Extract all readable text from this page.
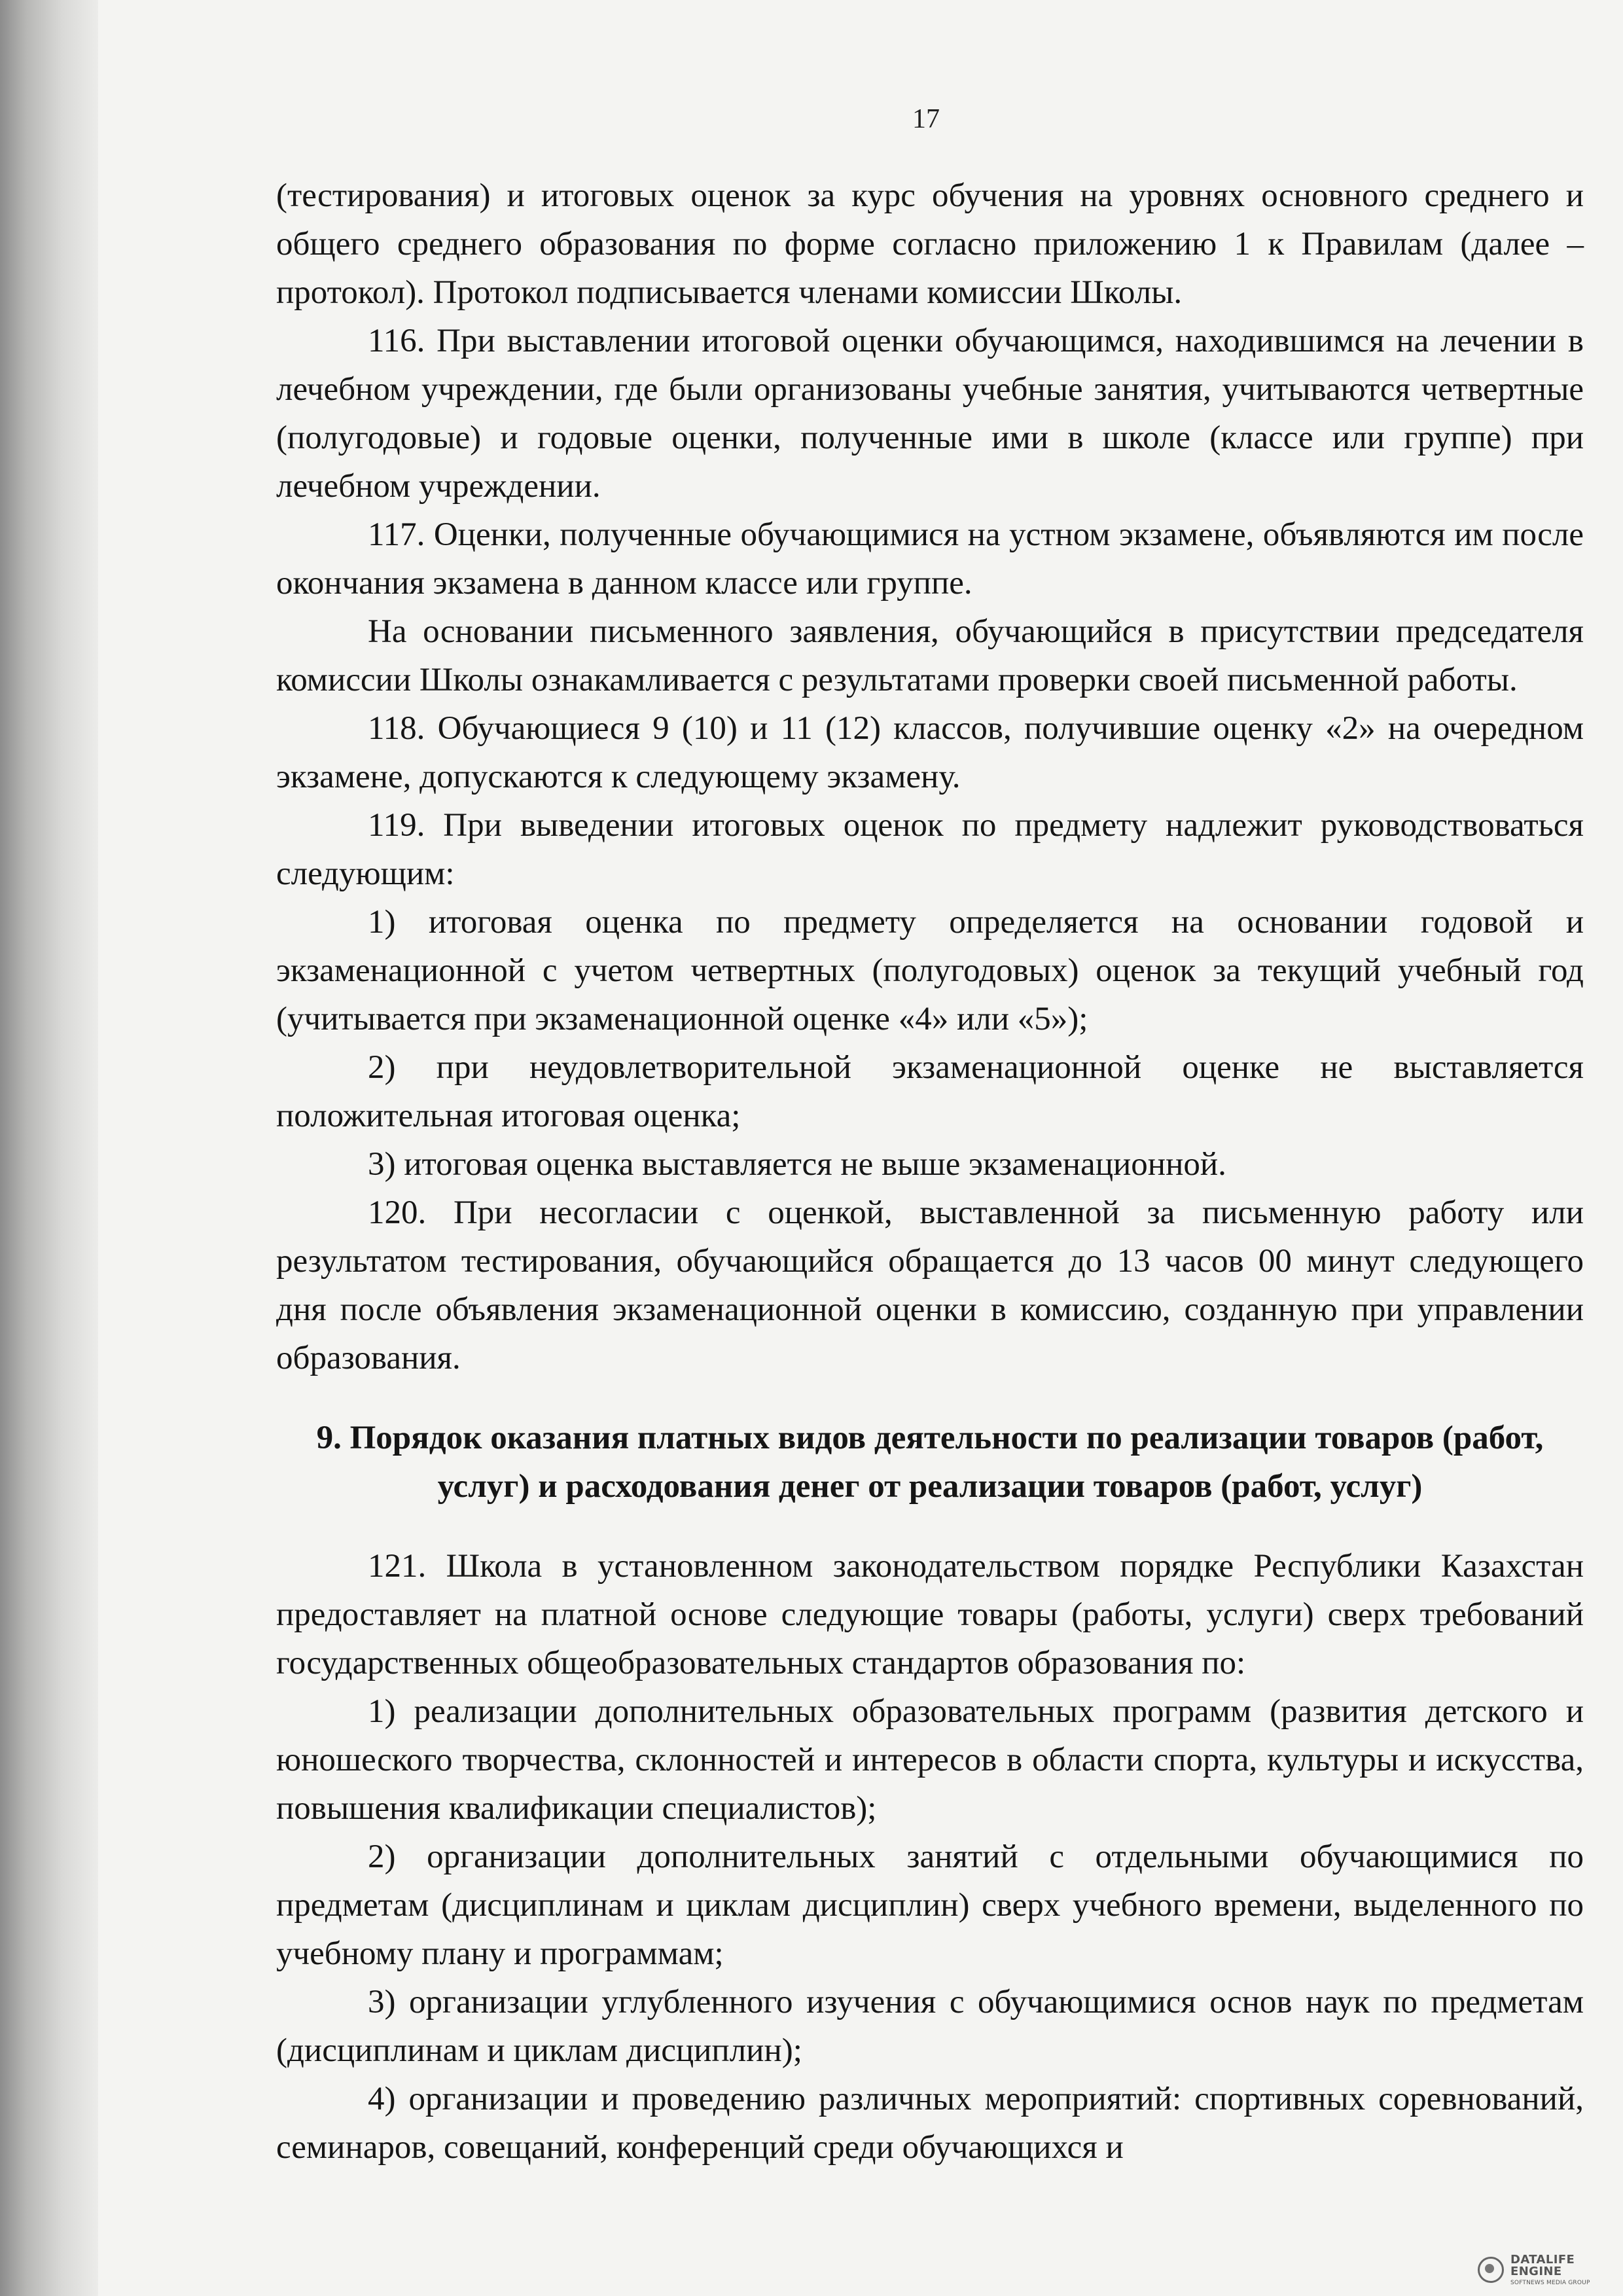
17

(тестирования) и итоговых оценок за курс обучения на уровнях основного среднего и общего среднего образования по форме согласно приложению 1 к Правилам (далее – протокол). Протокол подписывается членами комиссии Школы.

116. При выставлении итоговой оценки обучающимся, находившимся на лечении в лечебном учреждении, где были организованы учебные занятия, учитываются четвертные (полугодовые) и годовые оценки, полученные ими в школе (классе или группе) при лечебном учреждении.

117. Оценки, полученные обучающимися на устном экзамене, объявляются им после окончания экзамена в данном классе или группе.

На основании письменного заявления, обучающийся в присутствии председателя комиссии Школы ознакамливается с результатами проверки своей письменной работы.

118. Обучающиеся 9 (10) и 11 (12) классов, получившие оценку «2» на очередном экзамене, допускаются к следующему экзамену.

119. При выведении итоговых оценок по предмету надлежит руководствоваться следующим:

1) итоговая оценка по предмету определяется на основании годовой и экзаменационной с учетом четвертных (полугодовых) оценок за текущий учебный год (учитывается при экзаменационной оценке «4» или «5»);

2) при неудовлетворительной экзаменационной оценке не выставляется положительная итоговая оценка;

3) итоговая оценка выставляется не выше экзаменационной.

120. При несогласии с оценкой, выставленной за письменную работу или результатом тестирования, обучающийся обращается до 13 часов 00 минут следующего дня после объявления экзаменационной оценки в комиссию, созданную при управлении образования.

9. Порядок оказания платных видов деятельности по реализации товаров (работ, услуг) и расходования денег от реализации товаров (работ, услуг)

121. Школа в установленном законодательством порядке Республики Казахстан предоставляет на платной основе следующие товары (работы, услуги) сверх требований государственных общеобразовательных стандартов образования по:

1) реализации дополнительных образовательных программ (развития детского и юношеского творчества, склонностей и интересов в области спорта, культуры и искусства, повышения квалификации специалистов);

2) организации дополнительных занятий с отдельными обучающимися по предметам (дисциплинам и циклам дисциплин) сверх учебного времени, выделенного по учебному плану и программам;

3) организации углубленного изучения с обучающимися основ наук по предметам (дисциплинам и циклам дисциплин);

4) организации и проведению различных мероприятий: спортивных соревнований, семинаров, совещаний, конференций среди обучающихся и

DATALIFE ENGINE
SOFTNEWS MEDIA GROUP
